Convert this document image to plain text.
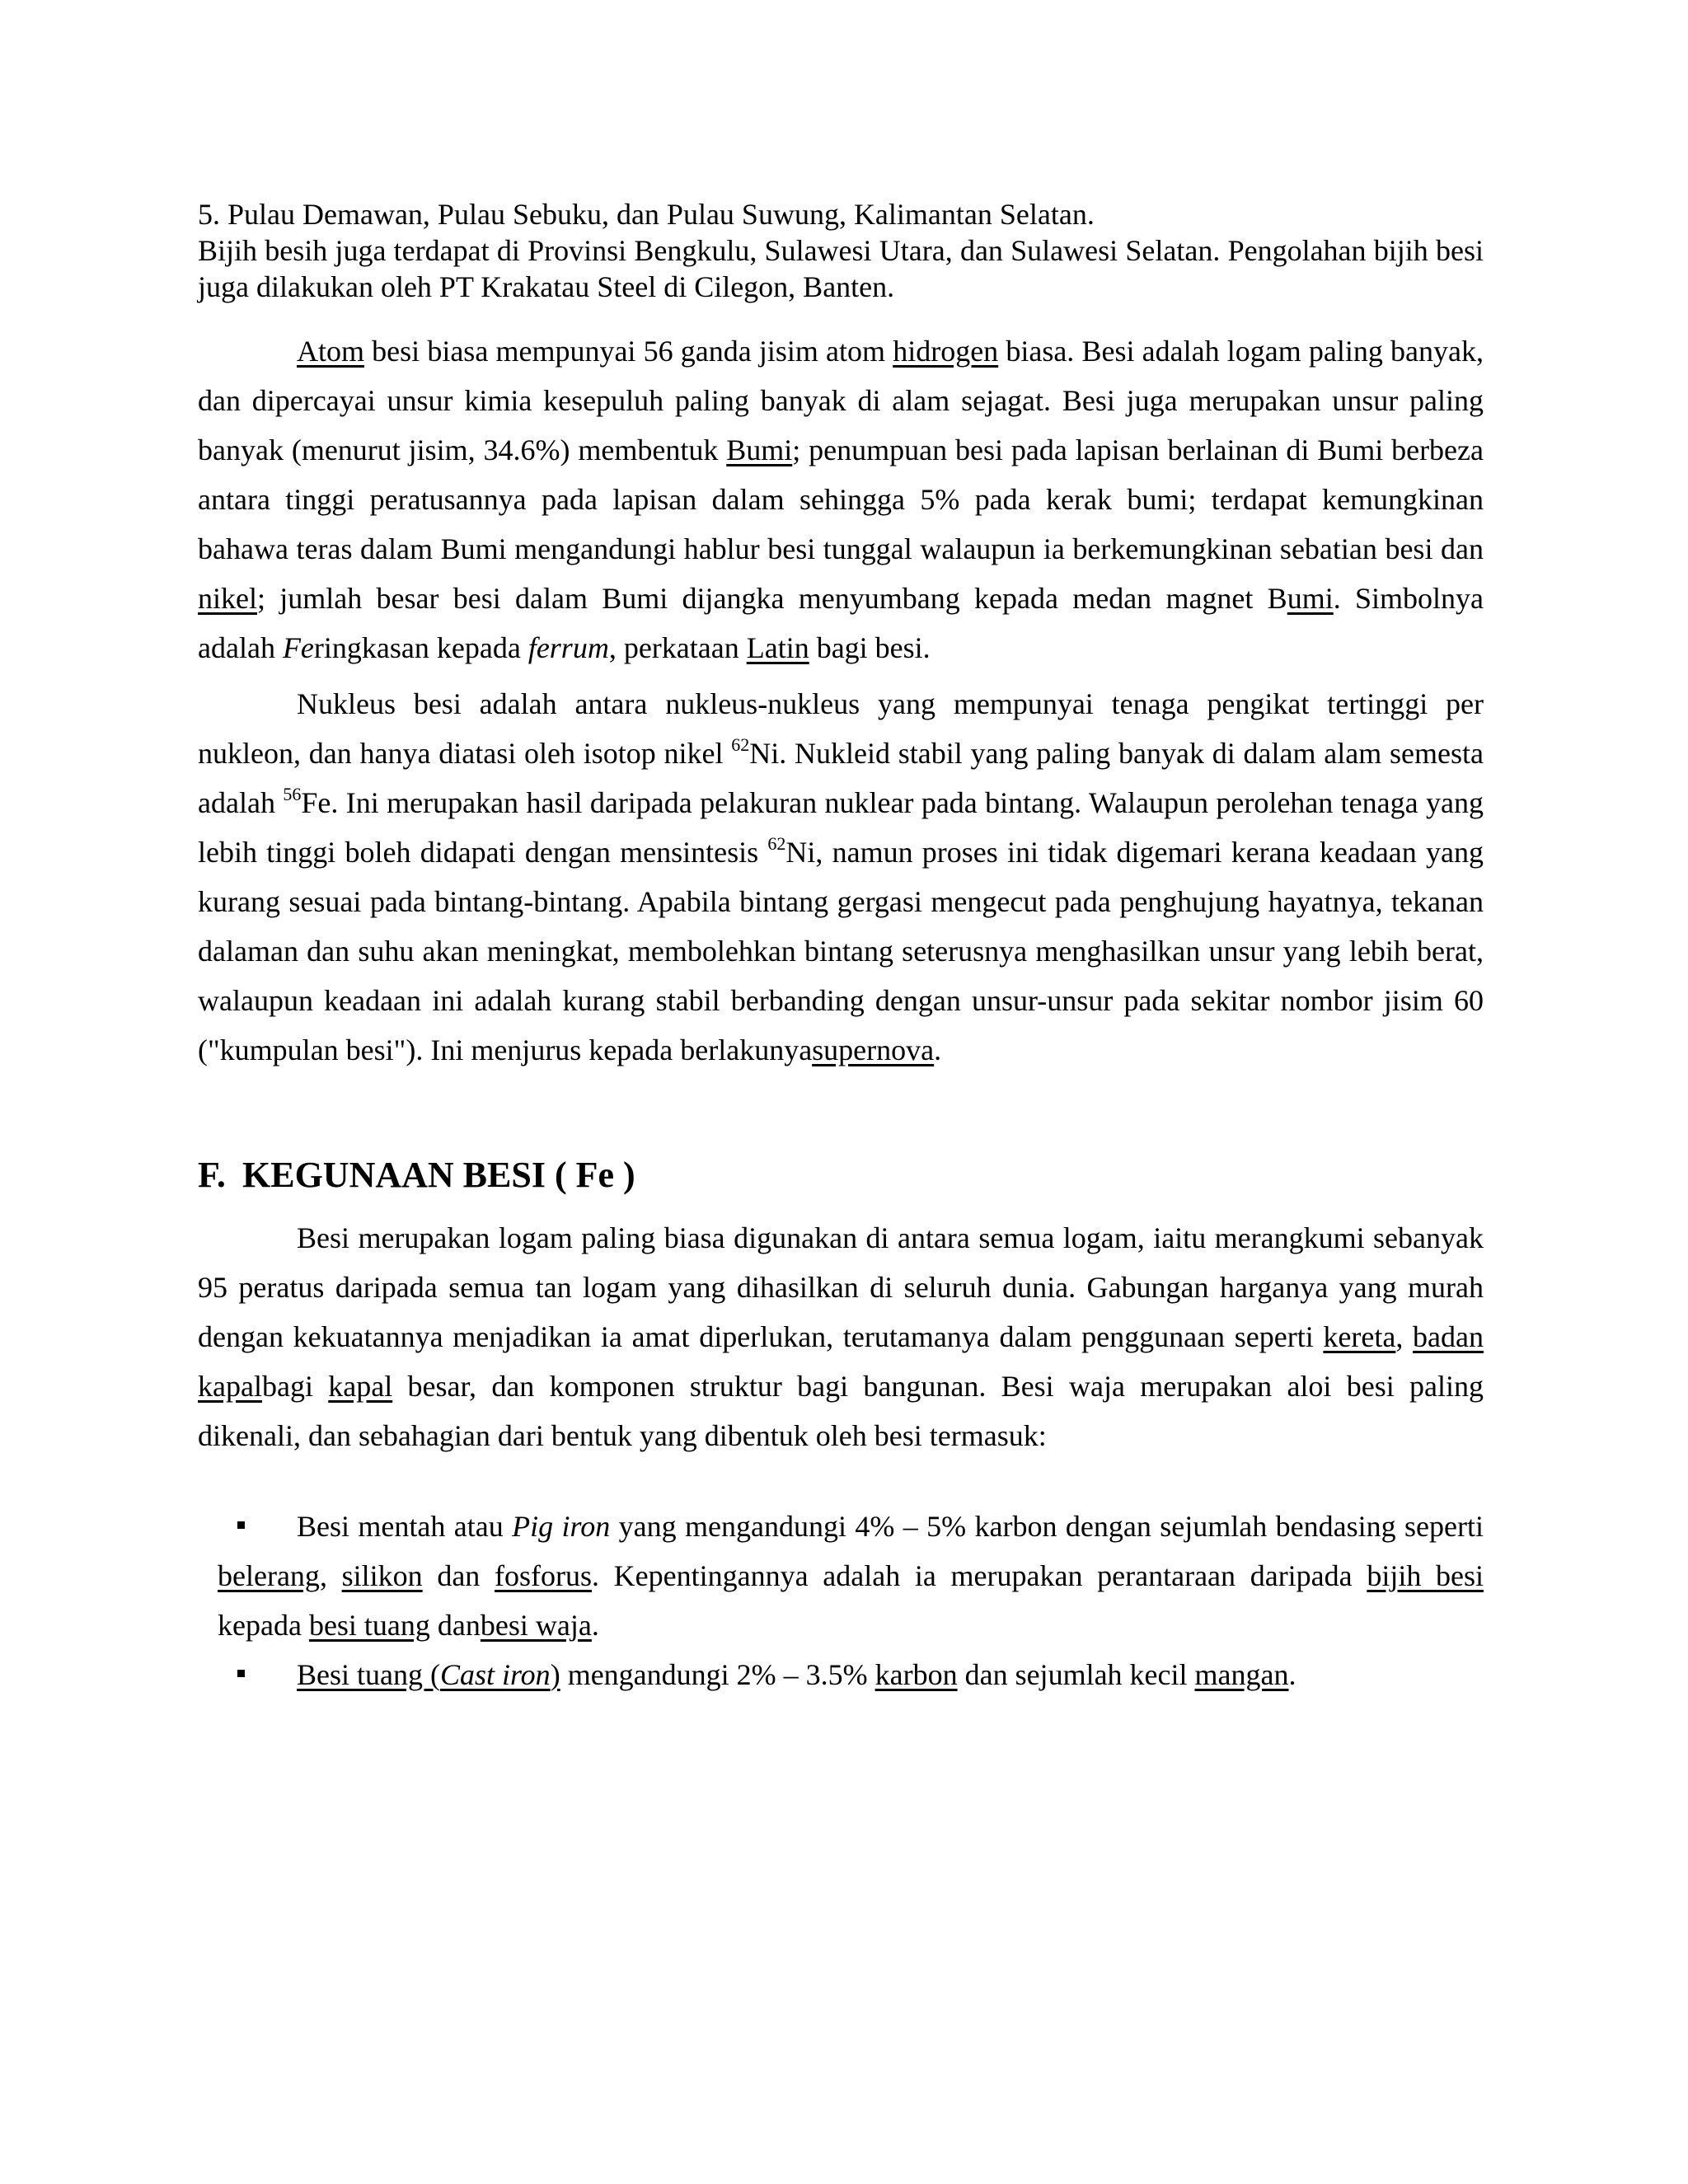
5. Pulau Demawan, Pulau Sebuku, dan Pulau Suwung, Kalimantan Selatan.

Bijih besih juga terdapat di Provinsi Bengkulu, Sulawesi Utara, dan Sulawesi Selatan. Pengolahan bijih besi juga dilakukan oleh PT Krakatau Steel di Cilegon, Banten.

Atom besi biasa mempunyai 56 ganda jisim atom hidrogen biasa. Besi adalah logam paling banyak, dan dipercayai unsur kimia kesepuluh paling banyak di alam sejagat. Besi juga merupakan unsur paling banyak (menurut jisim, 34.6%) membentuk Bumi; penumpuan besi pada lapisan berlainan di Bumi berbeza antara tinggi peratusannya pada lapisan dalam sehingga 5% pada kerak bumi; terdapat kemungkinan bahawa teras dalam Bumi mengandungi hablur besi tunggal walaupun ia berkemungkinan sebatian besi dan nikel; jumlah besar besi dalam Bumi dijangka menyumbang kepada medan magnet Bumi. Simbolnya adalah Feringkasan kepada ferrum, perkataan Latin bagi besi.

Nukleus besi adalah antara nukleus-nukleus yang mempunyai tenaga pengikat tertinggi per nukleon, dan hanya diatasi oleh isotop nikel $^{62}$Ni. Nukleid stabil yang paling banyak di dalam alam semesta adalah $^{56}$Fe. Ini merupakan hasil daripada pelakuran nuklear pada bintang. Walaupun perolehan tenaga yang lebih tinggi boleh didapati dengan mensintesis $^{62}$Ni, namun proses ini tidak digemari kerana keadaan yang kurang sesuai pada bintang-bintang. Apabila bintang gergasi mengecut pada penghujung hayatnya, tekanan dalaman dan suhu akan meningkat, membolehkan bintang seterusnya menghasilkan unsur yang lebih berat, walaupun keadaan ini adalah kurang stabil berbanding dengan unsur-unsur pada sekitar nombor jisim 60 ("kumpulan besi"). Ini menjurus kepada berlakunyasupernova.

F. KEGUNAAN BESI ( Fe )

Besi merupakan logam paling biasa digunakan di antara semua logam, iaitu merangkumi sebanyak 95 peratus daripada semua tan logam yang dihasilkan di seluruh dunia. Gabungan harganya yang murah dengan kekuatannya menjadikan ia amat diperlukan, terutamanya dalam penggunaan seperti kereta, badan kapalbagi kapal besar, dan komponen struktur bagi bangunan. Besi waja merupakan aloi besi paling dikenali, dan sebahagian dari bentuk yang dibentuk oleh besi termasuk:

Besi mentah atau Pig iron yang mengandungi 4% – 5% karbon dengan sejumlah bendasing seperti belerang, silikon dan fosforus. Kepentingannya adalah ia merupakan perantaraan daripada bijih besi kepada besi tuang danbesi waja.
Besi tuang (Cast iron) mengandungi 2% – 3.5% karbon dan sejumlah kecil mangan.
